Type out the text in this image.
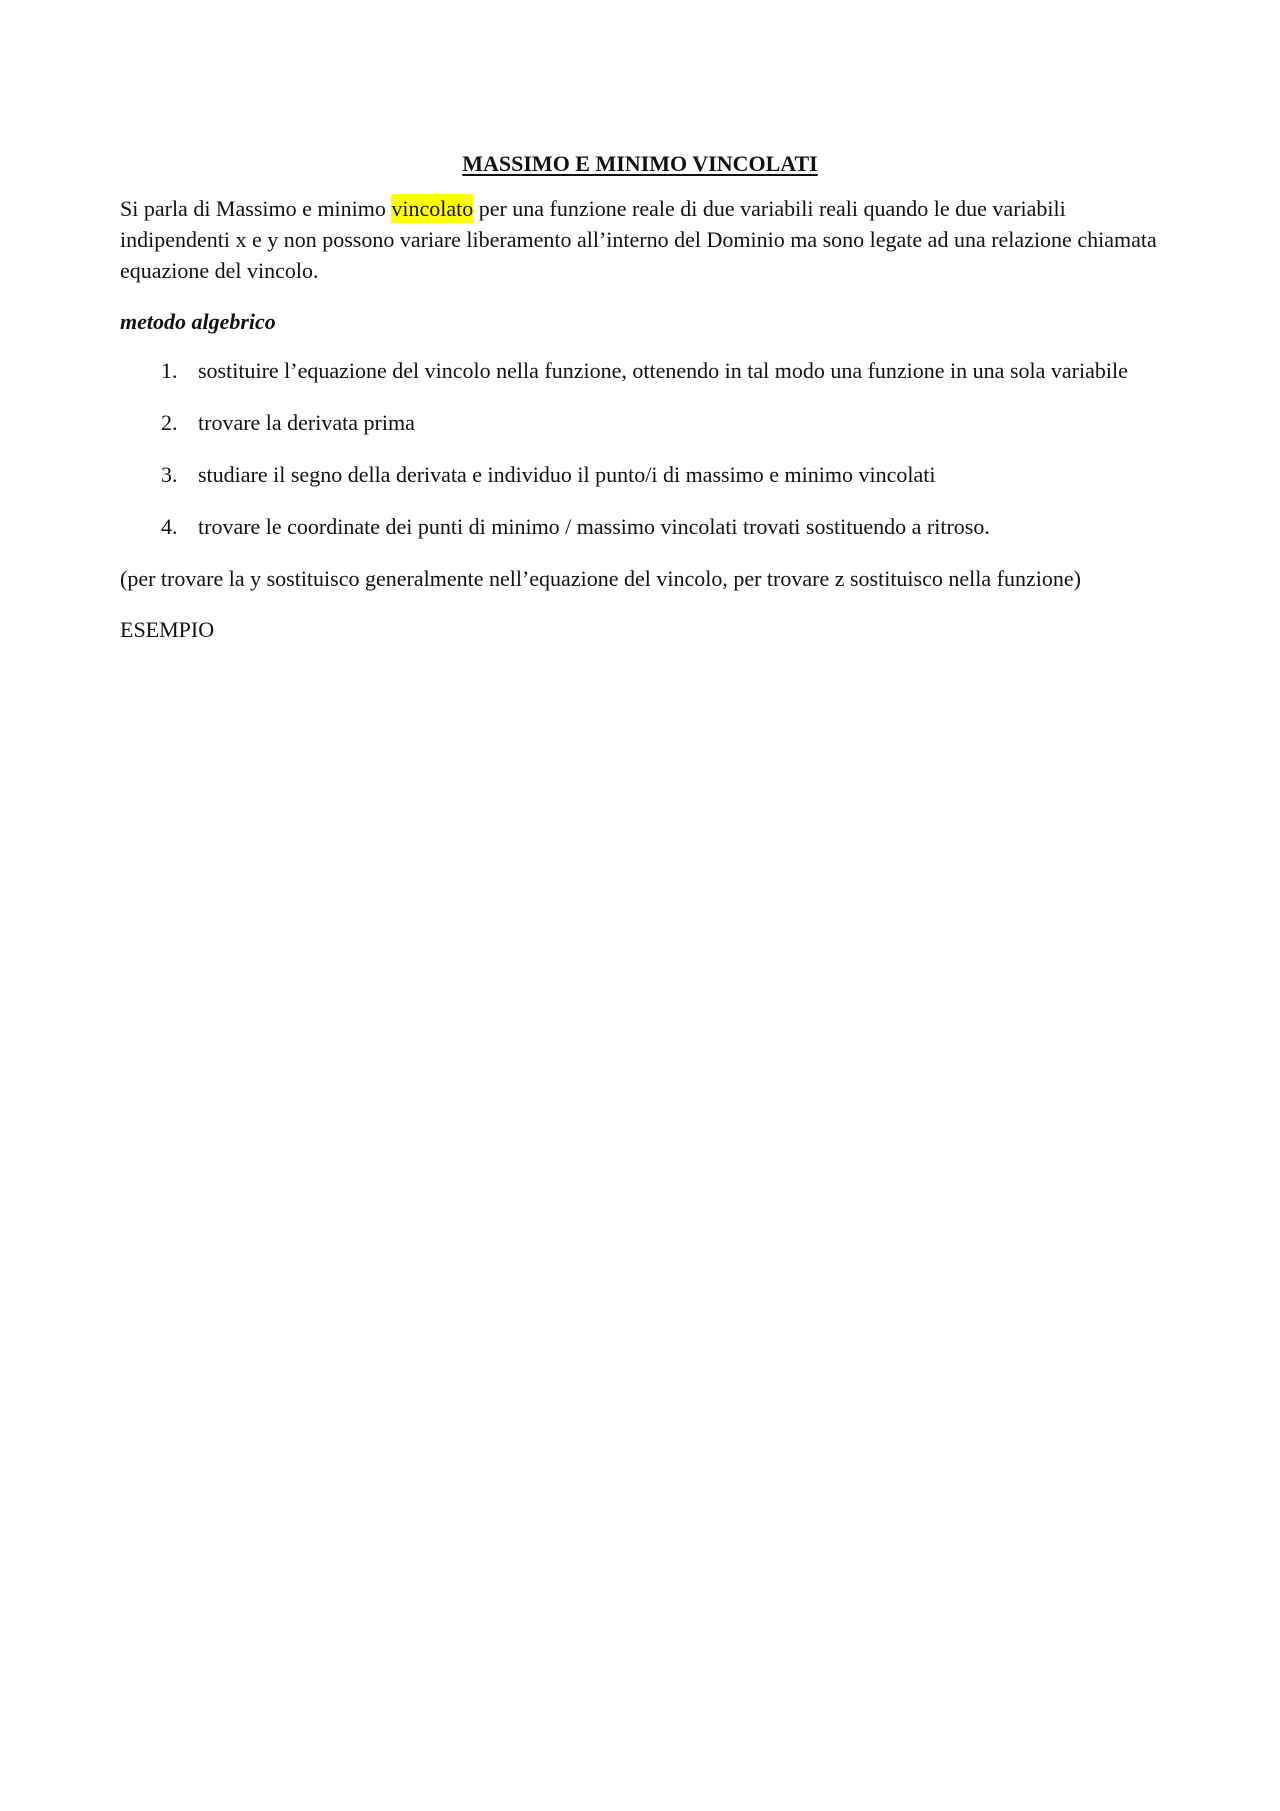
MASSIMO E MINIMO VINCOLATI

Si parla di Massimo e minimo vincolato per una funzione reale di due variabili reali quando le due variabili indipendenti x e y non possono variare liberamento all’interno del Dominio ma sono legate ad una relazione chiamata equazione del vincolo.

metodo algebrico
1. sostituire l’equazione del vincolo nella funzione, ottenendo in tal modo una funzione in una sola variabile
2. trovare la derivata prima
3. studiare il segno della derivata e individuo il punto/i di massimo e minimo vincolati
4. trovare le coordinate dei punti di minimo / massimo vincolati trovati sostituendo a ritroso.

(per trovare la y sostituisco generalmente nell’equazione del vincolo, per trovare z sostituisco nella funzione)

ESEMPIO
